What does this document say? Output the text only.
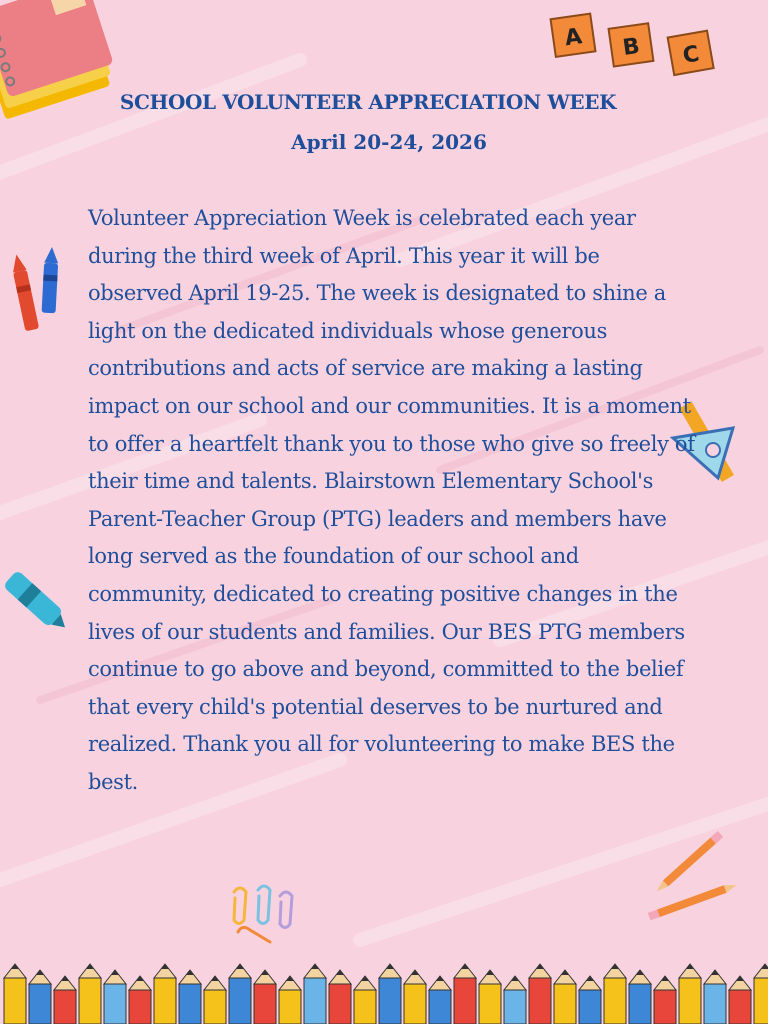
A B C
SCHOOL VOLUNTEER APPRECIATION WEEK
April 20-24, 2026
Volunteer Appreciation Week is celebrated each year during the third week of April. This year it will be observed April 19-25. The week is designated to shine a light on the dedicated individuals whose generous contributions and acts of service are making a lasting impact on our school and our communities. It is a moment to offer a heartfelt thank you to those who give so freely of their time and talents. Blairstown Elementary School's Parent-Teacher Group (PTG) leaders and members have long served as the foundation of our school and community, dedicated to creating positive changes in the lives of our students and families. Our BES PTG members continue to go above and beyond, committed to the belief that every child's potential deserves to be nurtured and realized. Thank you all for volunteering to make BES the best.
